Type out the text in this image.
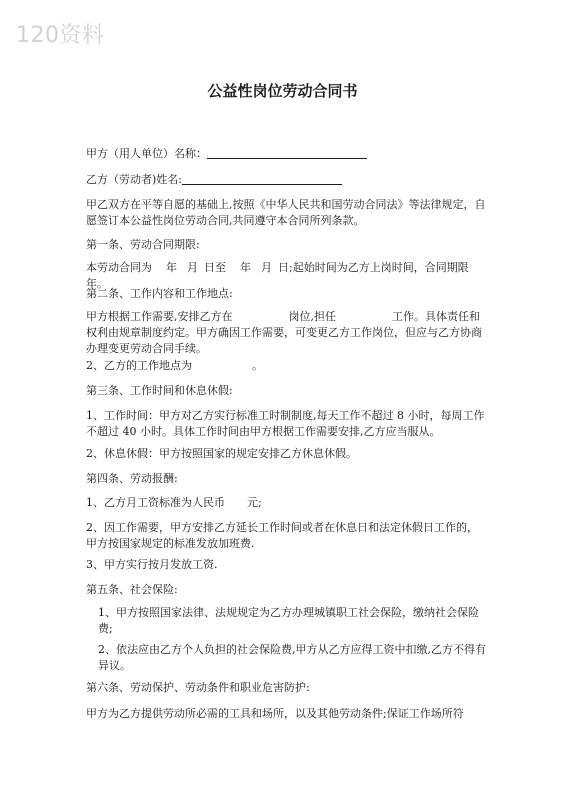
120资料
公益性岗位劳动合同书

甲方（用人单位）名称：

乙方（劳动者)姓名:

甲乙双方在平等自愿的基础上,按照《中华人民共和国劳动合同法》等法律规定，自愿签订本公益性岗位劳动合同,共同遵守本合同所列条款。

第一条、劳动合同期限:

本劳动合同为 年 月 日至 年 月 日;起始时间为乙方上岗时间，合同期限年。

第二条、工作内容和工作地点:

甲方根据工作需要,安排乙方在	岗位,担任	工作。具体责任和权利由规章制度约定。甲方确因工作需要，可变更乙方工作岗位，但应与乙方协商办理变更劳动合同手续。

2、乙方的工作地点为	。

第三条、工作时间和休息休假:

1、工作时间：甲方对乙方实行标准工时制制度,每天工作不超过 8 小时，每周工作不超过 40 小时。具体工作时间由甲方根据工作需要安排,乙方应当服从。

2、休息休假：甲方按照国家的规定安排乙方休息休假。

第四条、劳动报酬:

1、乙方月工资标准为人民币 元;

2、因工作需要，甲方安排乙方延长工作时间或者在休息日和法定休假日工作的，甲方按国家规定的标准发放加班费.

3、甲方实行按月发放工资.

第五条、社会保险:

1、甲方按照国家法律、法规规定为乙方办理城镇职工社会保险，缴纳社会保险费;

2、依法应由乙方个人负担的社会保险费,甲方从乙方应得工资中扣缴,乙方不得有异议。

第六条、劳动保护、劳动条件和职业危害防护:

甲方为乙方提供劳动所必需的工具和场所，以及其他劳动条件;保证工作场所符
